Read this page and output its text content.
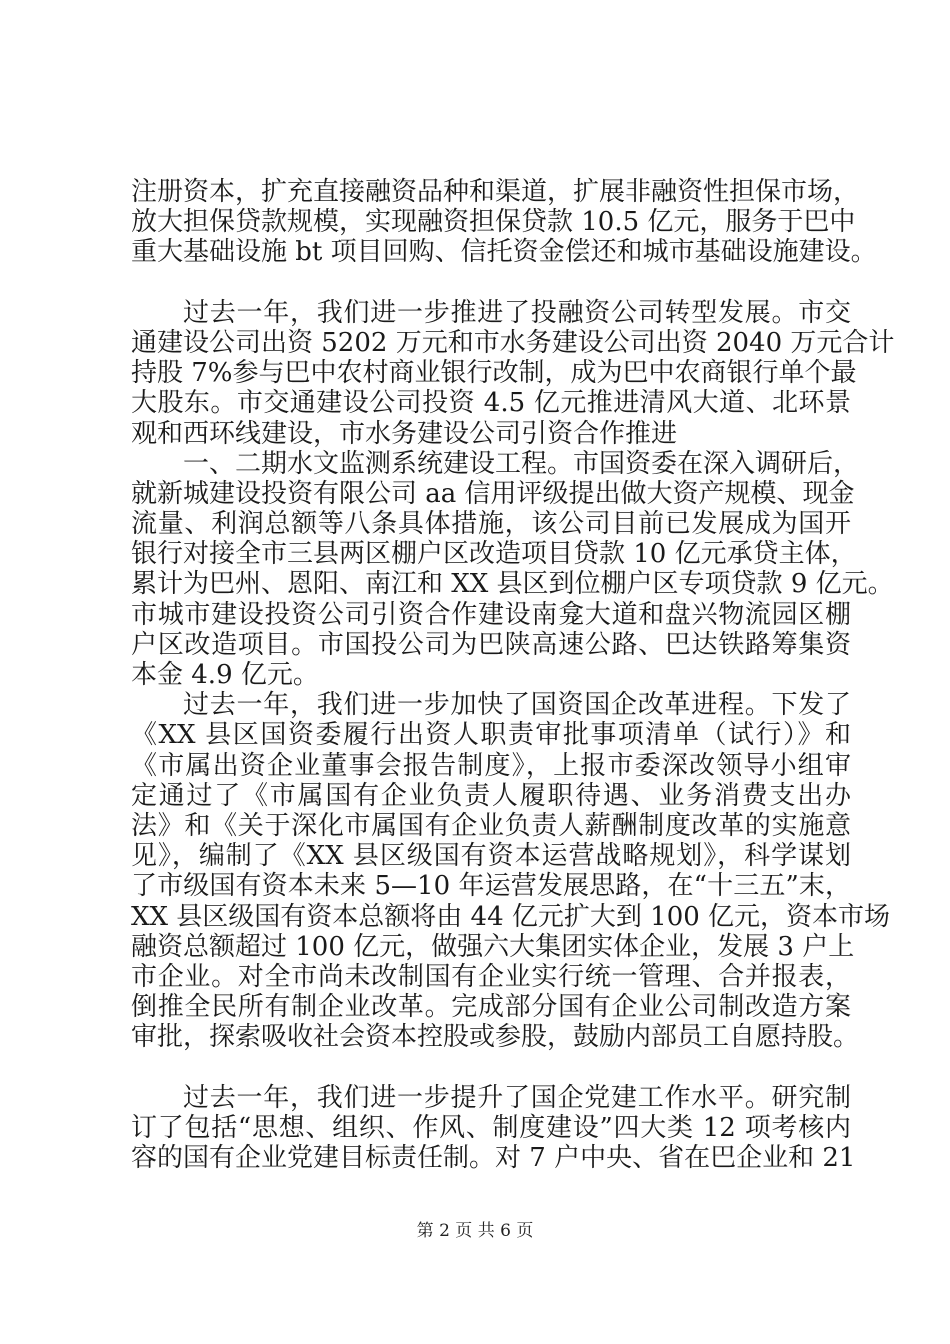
注册资本，扩充直接融资品种和渠道，扩展非融资性担保市场，
放大担保贷款规模，实现融资担保贷款 10.5 亿元，服务于巴中
重大基础设施 bt 项目回购、信托资金偿还和城市基础设施建设。
过去一年，我们进一步推进了投融资公司转型发展。市交
通建设公司出资 5202 万元和市水务建设公司出资 2040 万元合计
持股 7%参与巴中农村商业银行改制，成为巴中农商银行单个最
大股东。市交通建设公司投资 4.5 亿元推进清风大道、北环景
观和西环线建设，市水务建设公司引资合作推进
一、二期水文监测系统建设工程。市国资委在深入调研后，
就新城建设投资有限公司 aa 信用评级提出做大资产规模、现金
流量、利润总额等八条具体措施，该公司目前已发展成为国开
银行对接全市三县两区棚户区改造项目贷款 10 亿元承贷主体，
累计为巴州、恩阳、南江和 XX 县区到位棚户区专项贷款 9 亿元。
市城市建设投资公司引资合作建设南龛大道和盘兴物流园区棚
户区改造项目。市国投公司为巴陕高速公路、巴达铁路筹集资
本金 4.9 亿元。
过去一年，我们进一步加快了国资国企改革进程。下发了
《XX 县区国资委履行出资人职责审批事项清单（试行）》和
《市属出资企业董事会报告制度》，上报市委深改领导小组审
定通过了《市属国有企业负责人履职待遇、业务消费支出办
法》和《关于深化市属国有企业负责人薪酬制度改革的实施意
见》，编制了《XX 县区级国有资本运营战略规划》，科学谋划
了市级国有资本未来 5—10 年运营发展思路，在“十三五”末，
XX 县区级国有资本总额将由 44 亿元扩大到 100 亿元，资本市场
融资总额超过 100 亿元，做强六大集团实体企业，发展 3 户上
市企业。对全市尚未改制国有企业实行统一管理、合并报表，
倒推全民所有制企业改革。完成部分国有企业公司制改造方案
审批，探索吸收社会资本控股或参股，鼓励内部员工自愿持股。
过去一年，我们进一步提升了国企党建工作水平。研究制
订了包括“思想、组织、作风、制度建设”四大类 12 项考核内
容的国有企业党建目标责任制。对 7 户中央、省在巴企业和 21
第 2 页 共 6 页
